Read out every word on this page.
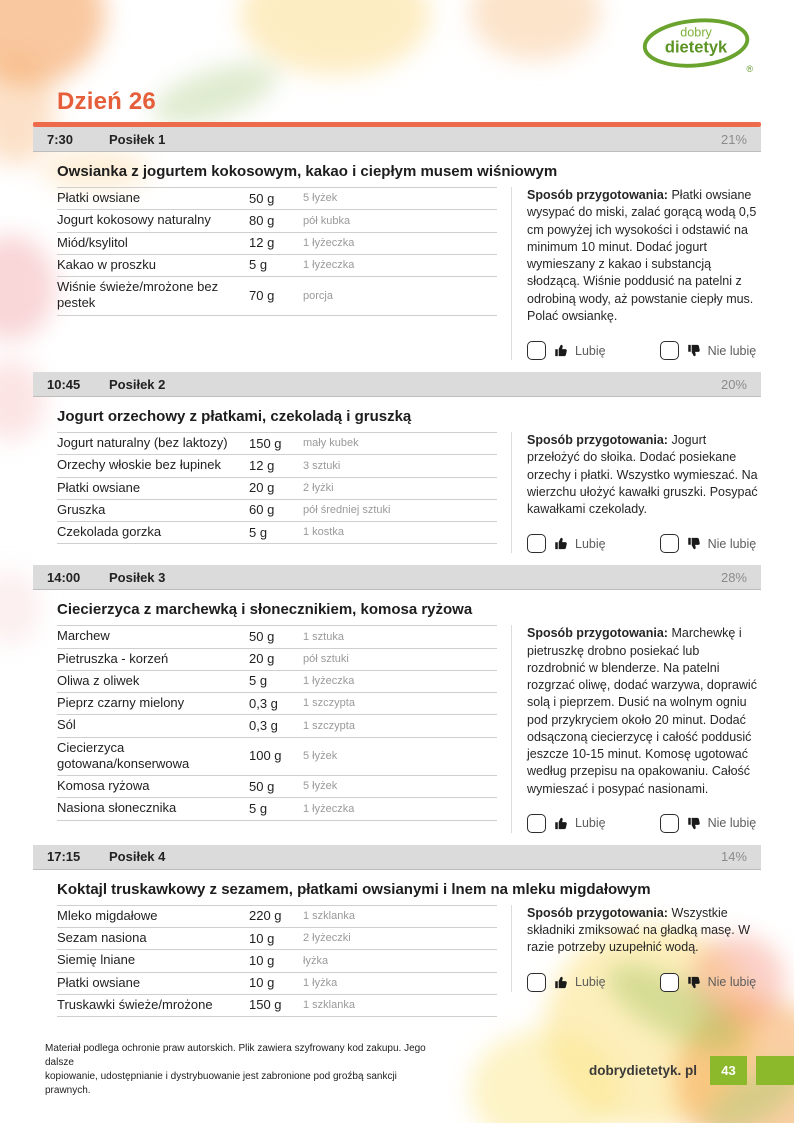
dobry
dietetyk
®
Dzień 26
7:30	Posiłek 1	21%
Owsianka z jogurtem kokosowym, kakao i ciepłym musem wiśniowym
Płatki owsiane	50 g	5 łyżek
Jogurt kokosowy naturalny	80 g	pół kubka
Miód/ksylitol	12 g	1 łyżeczka
Kakao w proszku	5 g	1 łyżeczka
Wiśnie świeże/mrożone bez pestek	70 g	porcja
Sposób przygotowania: Płatki owsiane wysypać do miski, zalać gorącą wodą 0,5 cm powyżej ich wysokości i odstawić na minimum 10 minut. Dodać jogurt wymieszany z kakao i substancją słodzącą. Wiśnie poddusić na patelni z odrobiną wody, aż powstanie ciepły mus. Polać owsiankę.
Lubię	Nie lubię
10:45	Posiłek 2	20%
Jogurt orzechowy z płatkami, czekoladą i gruszką
Jogurt naturalny (bez laktozy)	150 g	mały kubek
Orzechy włoskie bez łupinek	12 g	3 sztuki
Płatki owsiane	20 g	2 łyżki
Gruszka	60 g	pół średniej sztuki
Czekolada gorzka	5 g	1 kostka
Sposób przygotowania: Jogurt przełożyć do słoika. Dodać posiekane orzechy i płatki. Wszystko wymieszać. Na wierzchu ułożyć kawałki gruszki. Posypać kawałkami czekolady.
Lubię	Nie lubię
14:00	Posiłek 3	28%
Ciecierzyca z marchewką i słonecznikiem, komosa ryżowa
Marchew	50 g	1 sztuka
Pietruszka - korzeń	20 g	pół sztuki
Oliwa z oliwek	5 g	1 łyżeczka
Pieprz czarny mielony	0,3 g	1 szczypta
Sól	0,3 g	1 szczypta
Ciecierzyca gotowana/konserwowa	100 g	5 łyżek
Komosa ryżowa	50 g	5 łyżek
Nasiona słonecznika	5 g	1 łyżeczka
Sposób przygotowania: Marchewkę i pietruszkę drobno posiekać lub rozdrobnić w blenderze. Na patelni rozgrzać oliwę, dodać warzywa, doprawić solą i pieprzem. Dusić na wolnym ogniu pod przykryciem około 20 minut. Dodać odsączoną ciecierzycę i całość poddusić jeszcze 10-15 minut. Komosę ugotować według przepisu na opakowaniu. Całość wymieszać i posypać nasionami.
Lubię	Nie lubię
17:15	Posiłek 4	14%
Koktajl truskawkowy z sezamem, płatkami owsianymi i lnem na mleku migdałowym
Mleko migdałowe	220 g	1 szklanka
Sezam nasiona	10 g	2 łyżeczki
Siemię lniane	10 g	łyżka
Płatki owsiane	10 g	1 łyżka
Truskawki świeże/mrożone	150 g	1 szklanka
Sposób przygotowania: Wszystkie składniki zmiksować na gładką masę. W razie potrzeby uzupełnić wodą.
Lubię	Nie lubię
Materiał podlega ochronie praw autorskich. Plik zawiera szyfrowany kod zakupu. Jego dalsze
kopiowanie, udostępnianie i dystrybuowanie jest zabronione pod groźbą sankcji prawnych.
dobrydietetyk. pl	43
